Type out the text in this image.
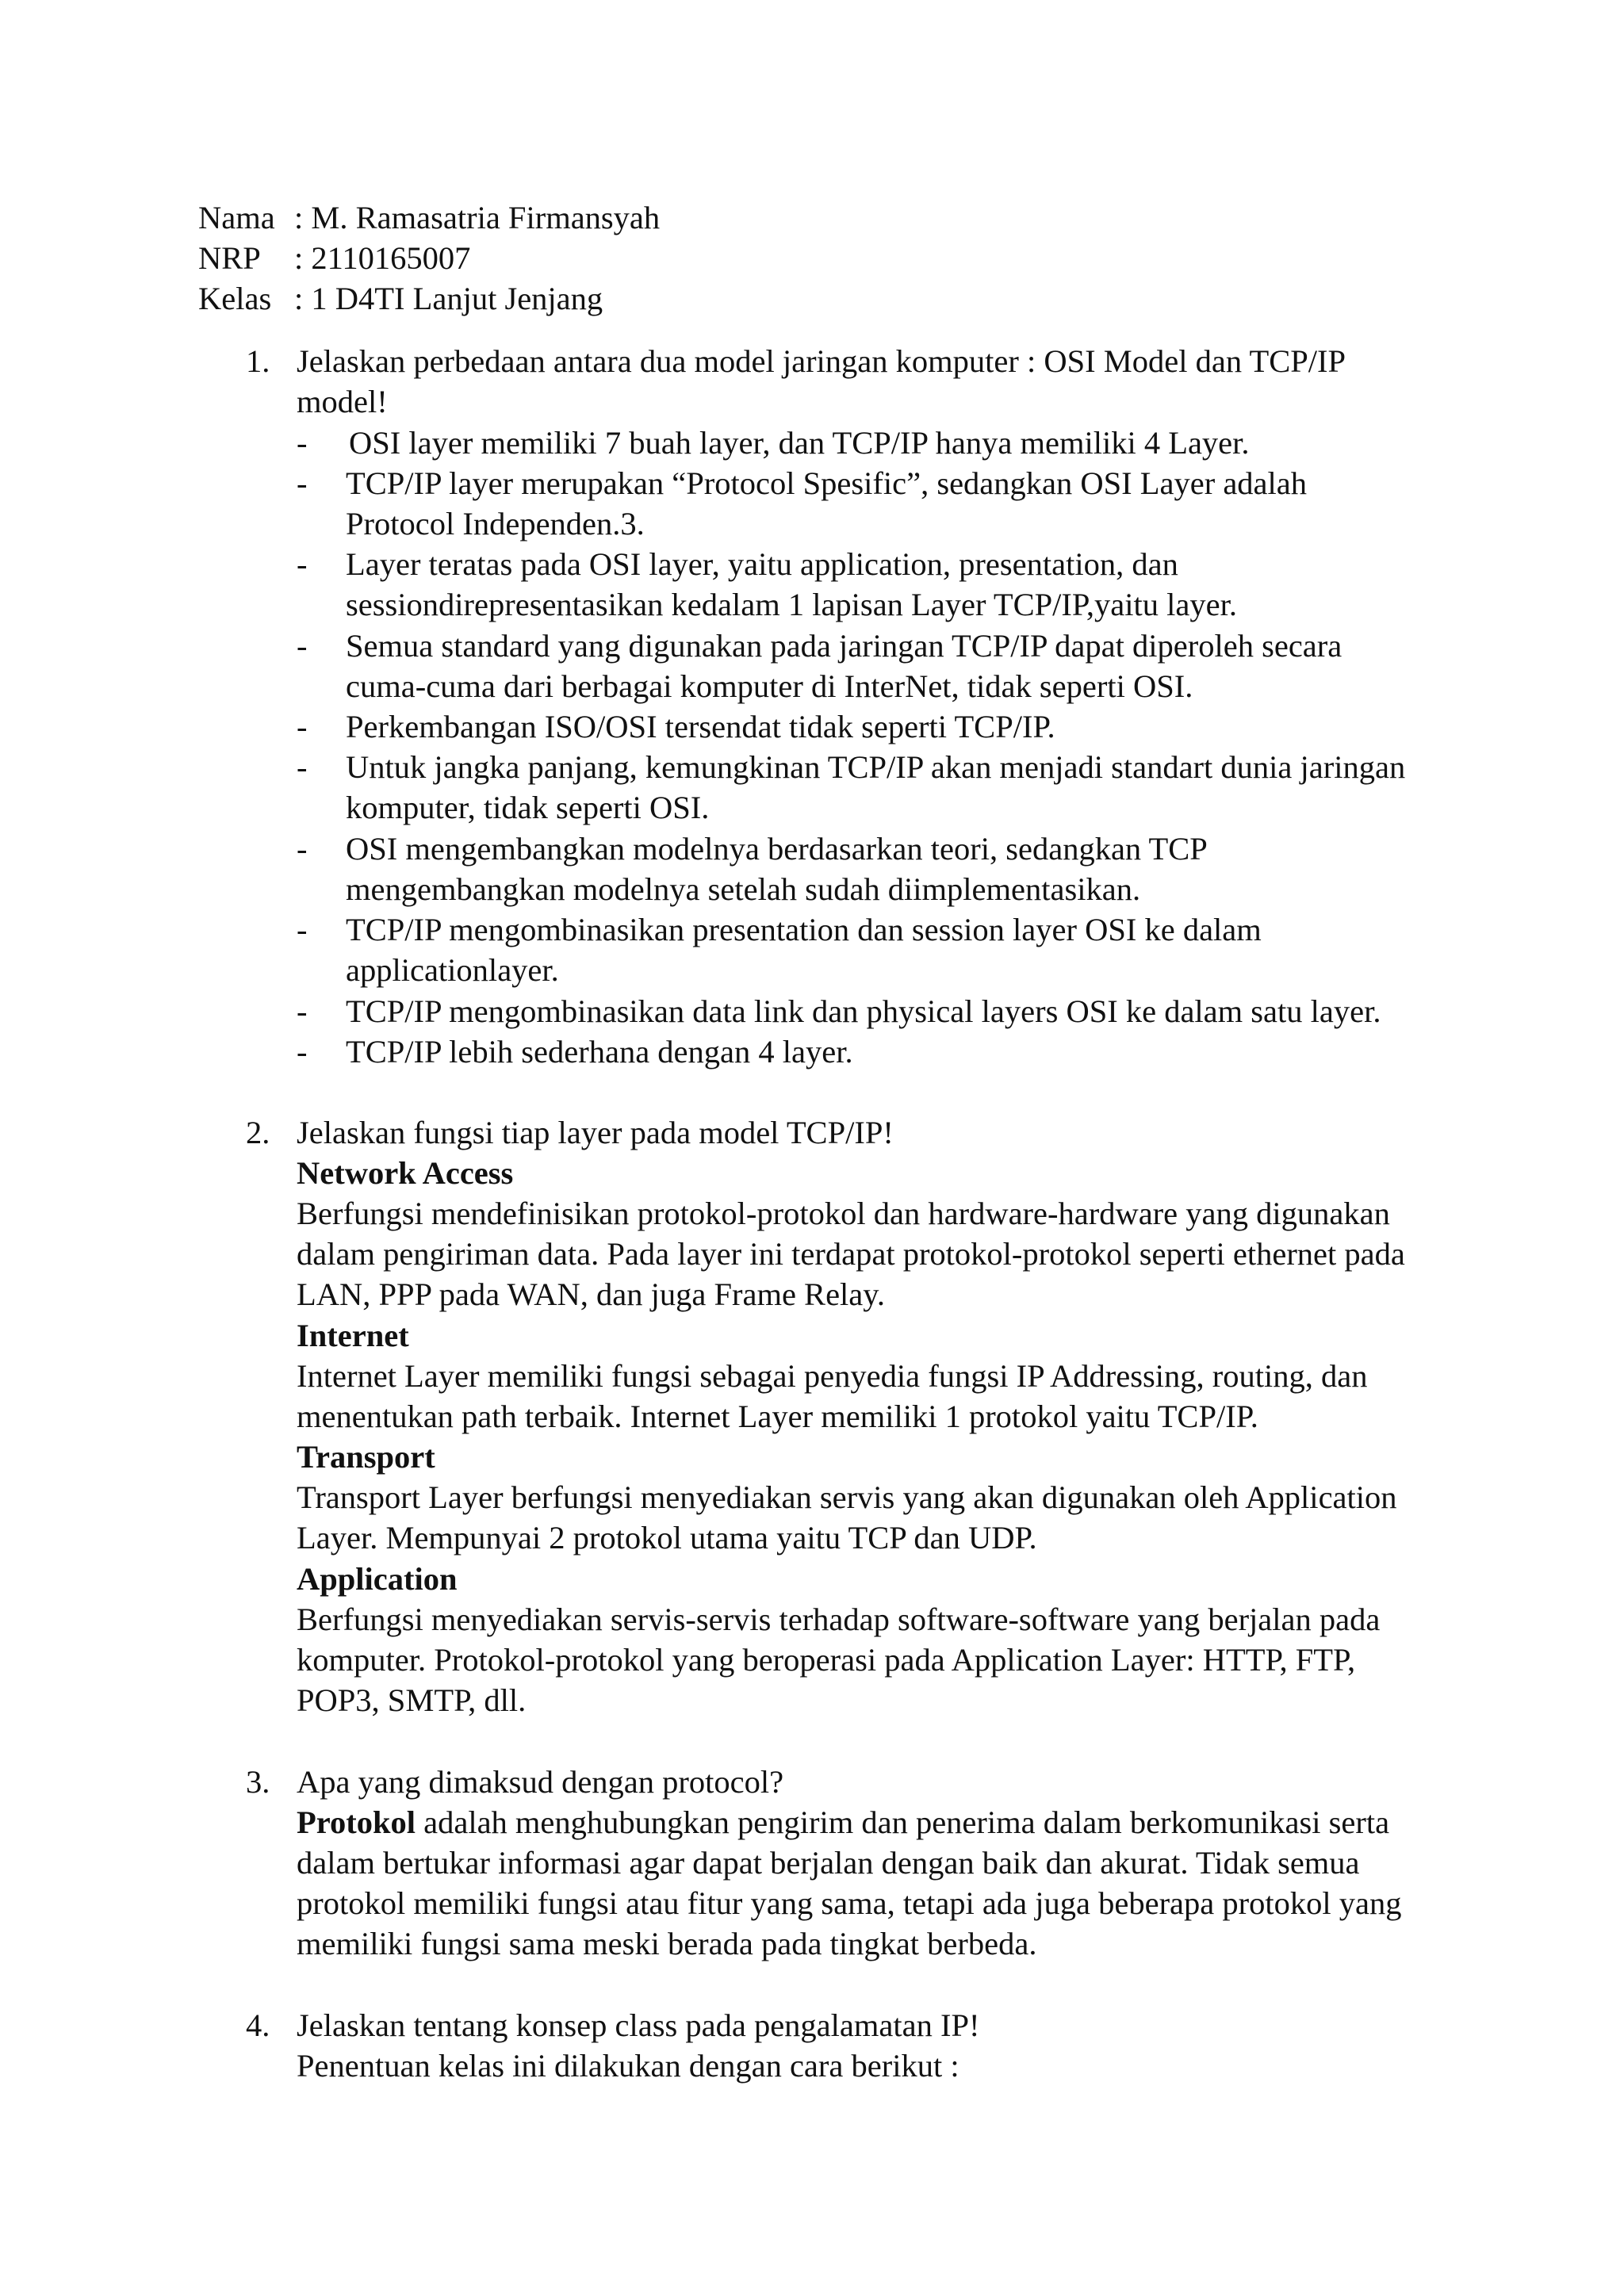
Nama : M. Ramasatria Firmansyah
NRP : 2110165007
Kelas : 1 D4TI Lanjut Jenjang
1. Jelaskan perbedaan antara dua model jaringan komputer : OSI Model dan TCP/IP
model!
- OSI layer memiliki 7 buah layer, dan TCP/IP hanya memiliki 4 Layer.
- TCP/IP layer merupakan “Protocol Spesific”, sedangkan OSI Layer adalah
Protocol Independen.3.
- Layer teratas pada OSI layer, yaitu application, presentation, dan
sessiondirepresentasikan kedalam 1 lapisan Layer TCP/IP,yaitu layer.
- Semua standard yang digunakan pada jaringan TCP/IP dapat diperoleh secara
cuma-cuma dari berbagai komputer di InterNet, tidak seperti OSI.
- Perkembangan ISO/OSI tersendat tidak seperti TCP/IP.
- Untuk jangka panjang, kemungkinan TCP/IP akan menjadi standart dunia jaringan
komputer, tidak seperti OSI.
- OSI mengembangkan modelnya berdasarkan teori, sedangkan TCP
mengembangkan modelnya setelah sudah diimplementasikan.
- TCP/IP mengombinasikan presentation dan session layer OSI ke dalam
applicationlayer.
- TCP/IP mengombinasikan data link dan physical layers OSI ke dalam satu layer.
- TCP/IP lebih sederhana dengan 4 layer.
2. Jelaskan fungsi tiap layer pada model TCP/IP!
Network Access
Berfungsi mendefinisikan protokol-protokol dan hardware-hardware yang digunakan
dalam pengiriman data. Pada layer ini terdapat protokol-protokol seperti ethernet pada
LAN, PPP pada WAN, dan juga Frame Relay.
Internet
Internet Layer memiliki fungsi sebagai penyedia fungsi IP Addressing, routing, dan
menentukan path terbaik. Internet Layer memiliki 1 protokol yaitu TCP/IP.
Transport
Transport Layer berfungsi menyediakan servis yang akan digunakan oleh Application
Layer. Mempunyai 2 protokol utama yaitu TCP dan UDP.
Application
Berfungsi menyediakan servis-servis terhadap software-software yang berjalan pada
komputer. Protokol-protokol yang beroperasi pada Application Layer: HTTP, FTP,
POP3, SMTP, dll.
3. Apa yang dimaksud dengan protocol?
Protokol adalah menghubungkan pengirim dan penerima dalam berkomunikasi serta
dalam bertukar informasi agar dapat berjalan dengan baik dan akurat. Tidak semua
protokol memiliki fungsi atau fitur yang sama, tetapi ada juga beberapa protokol yang
memiliki fungsi sama meski berada pada tingkat berbeda.
4. Jelaskan tentang konsep class pada pengalamatan IP!
Penentuan kelas ini dilakukan dengan cara berikut :
